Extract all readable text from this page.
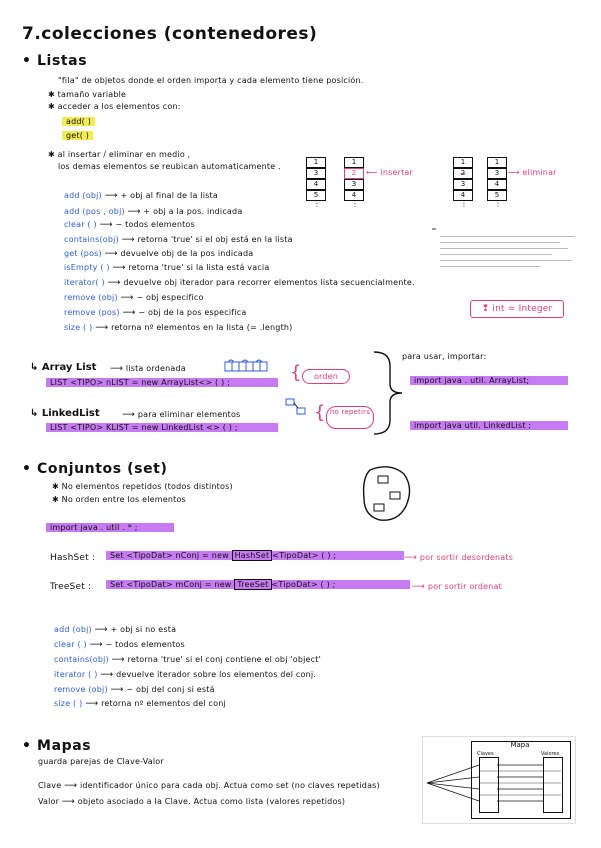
7.colecciones (contenedores)
• Listas
"fila" de objetos donde el orden importa y cada elemento tiene posición.
✱ tamaño variable
✱ acceder a los elementos con:
add( )
get( )
✱ al insertar / eliminar en medio ,
los demas elementos se reubican automaticamente .	1
3
4
5
⋮
1
2
3
4
⋮
⟵ insertar
1
2
3
4
⋮
1
3
4
5
⋮
⟶ eliminar
add (obj) ⟶ + obj al final de la lista
add (pos , obj) ⟶ + obj a la pos. indicada
clear ( ) ⟶ − todos elementos
contains(obj) ⟶ retorna 'true' si el obj está en la lista
get (pos) ⟶ devuelve obj de la pos indicada
isEmpty ( ) ⟶ retorna 'true' si la lista está vacia
iterator( ) ⟶ devuelve obj iterador para recorrer elementos lista secuencialmente.
remove (obj) ⟶ − obj especifico
remove (pos) ⟶ − obj de la pos especifica
size ( ) ⟶ retorna nº elementos en la lista (= .length)
❢ int = Integer
↳ Array List ⟶ lista ordenada
LIST <TIPO> nLIST = new ArrayList<> ( ) ;	{	orden
↳ LinkedList ⟶ para eliminar elementos
LIST <TIPO> KLIST = new LinkedList <> ( ) ;
{ no repetirs
para usar, importar:
import java . util. ArrayList;
import java util. LinkedList ;
• Conjuntos (set)
✱ No elementos repetidos (todos distintos)
✱ No orden entre los elementos
import java . util . * ;
HashSet :	Set <TipoDat> nConj = new HashSet <TipoDat> ( ) ;	⟶ por sortir desordenats
TreeSet :	Set <TipoDat> mConj = new TreeSet <TipoDat> ( ) ;	⟶ por sortir ordenat
add (obj) ⟶ + obj si no esta
clear ( ) ⟶ − todos elementos
contains(obj) ⟶ retorna 'true' si el conj contiene el obj 'object'
iterator ( ) ⟶ devuelve iterador sobre los elementos del conj.
remove (obj) ⟶ − obj del conj si está
size ( ) ⟶ retorna nº elementos del conj
• Mapas
guarda parejas de Clave-Valor
Clave ⟶ identificador único para cada obj. Actua como set (no claves repetidas)
Valor ⟶ objeto asociado a la Clave. Actua como lista (valores repetidos)
Mapa
Claves	Valores
